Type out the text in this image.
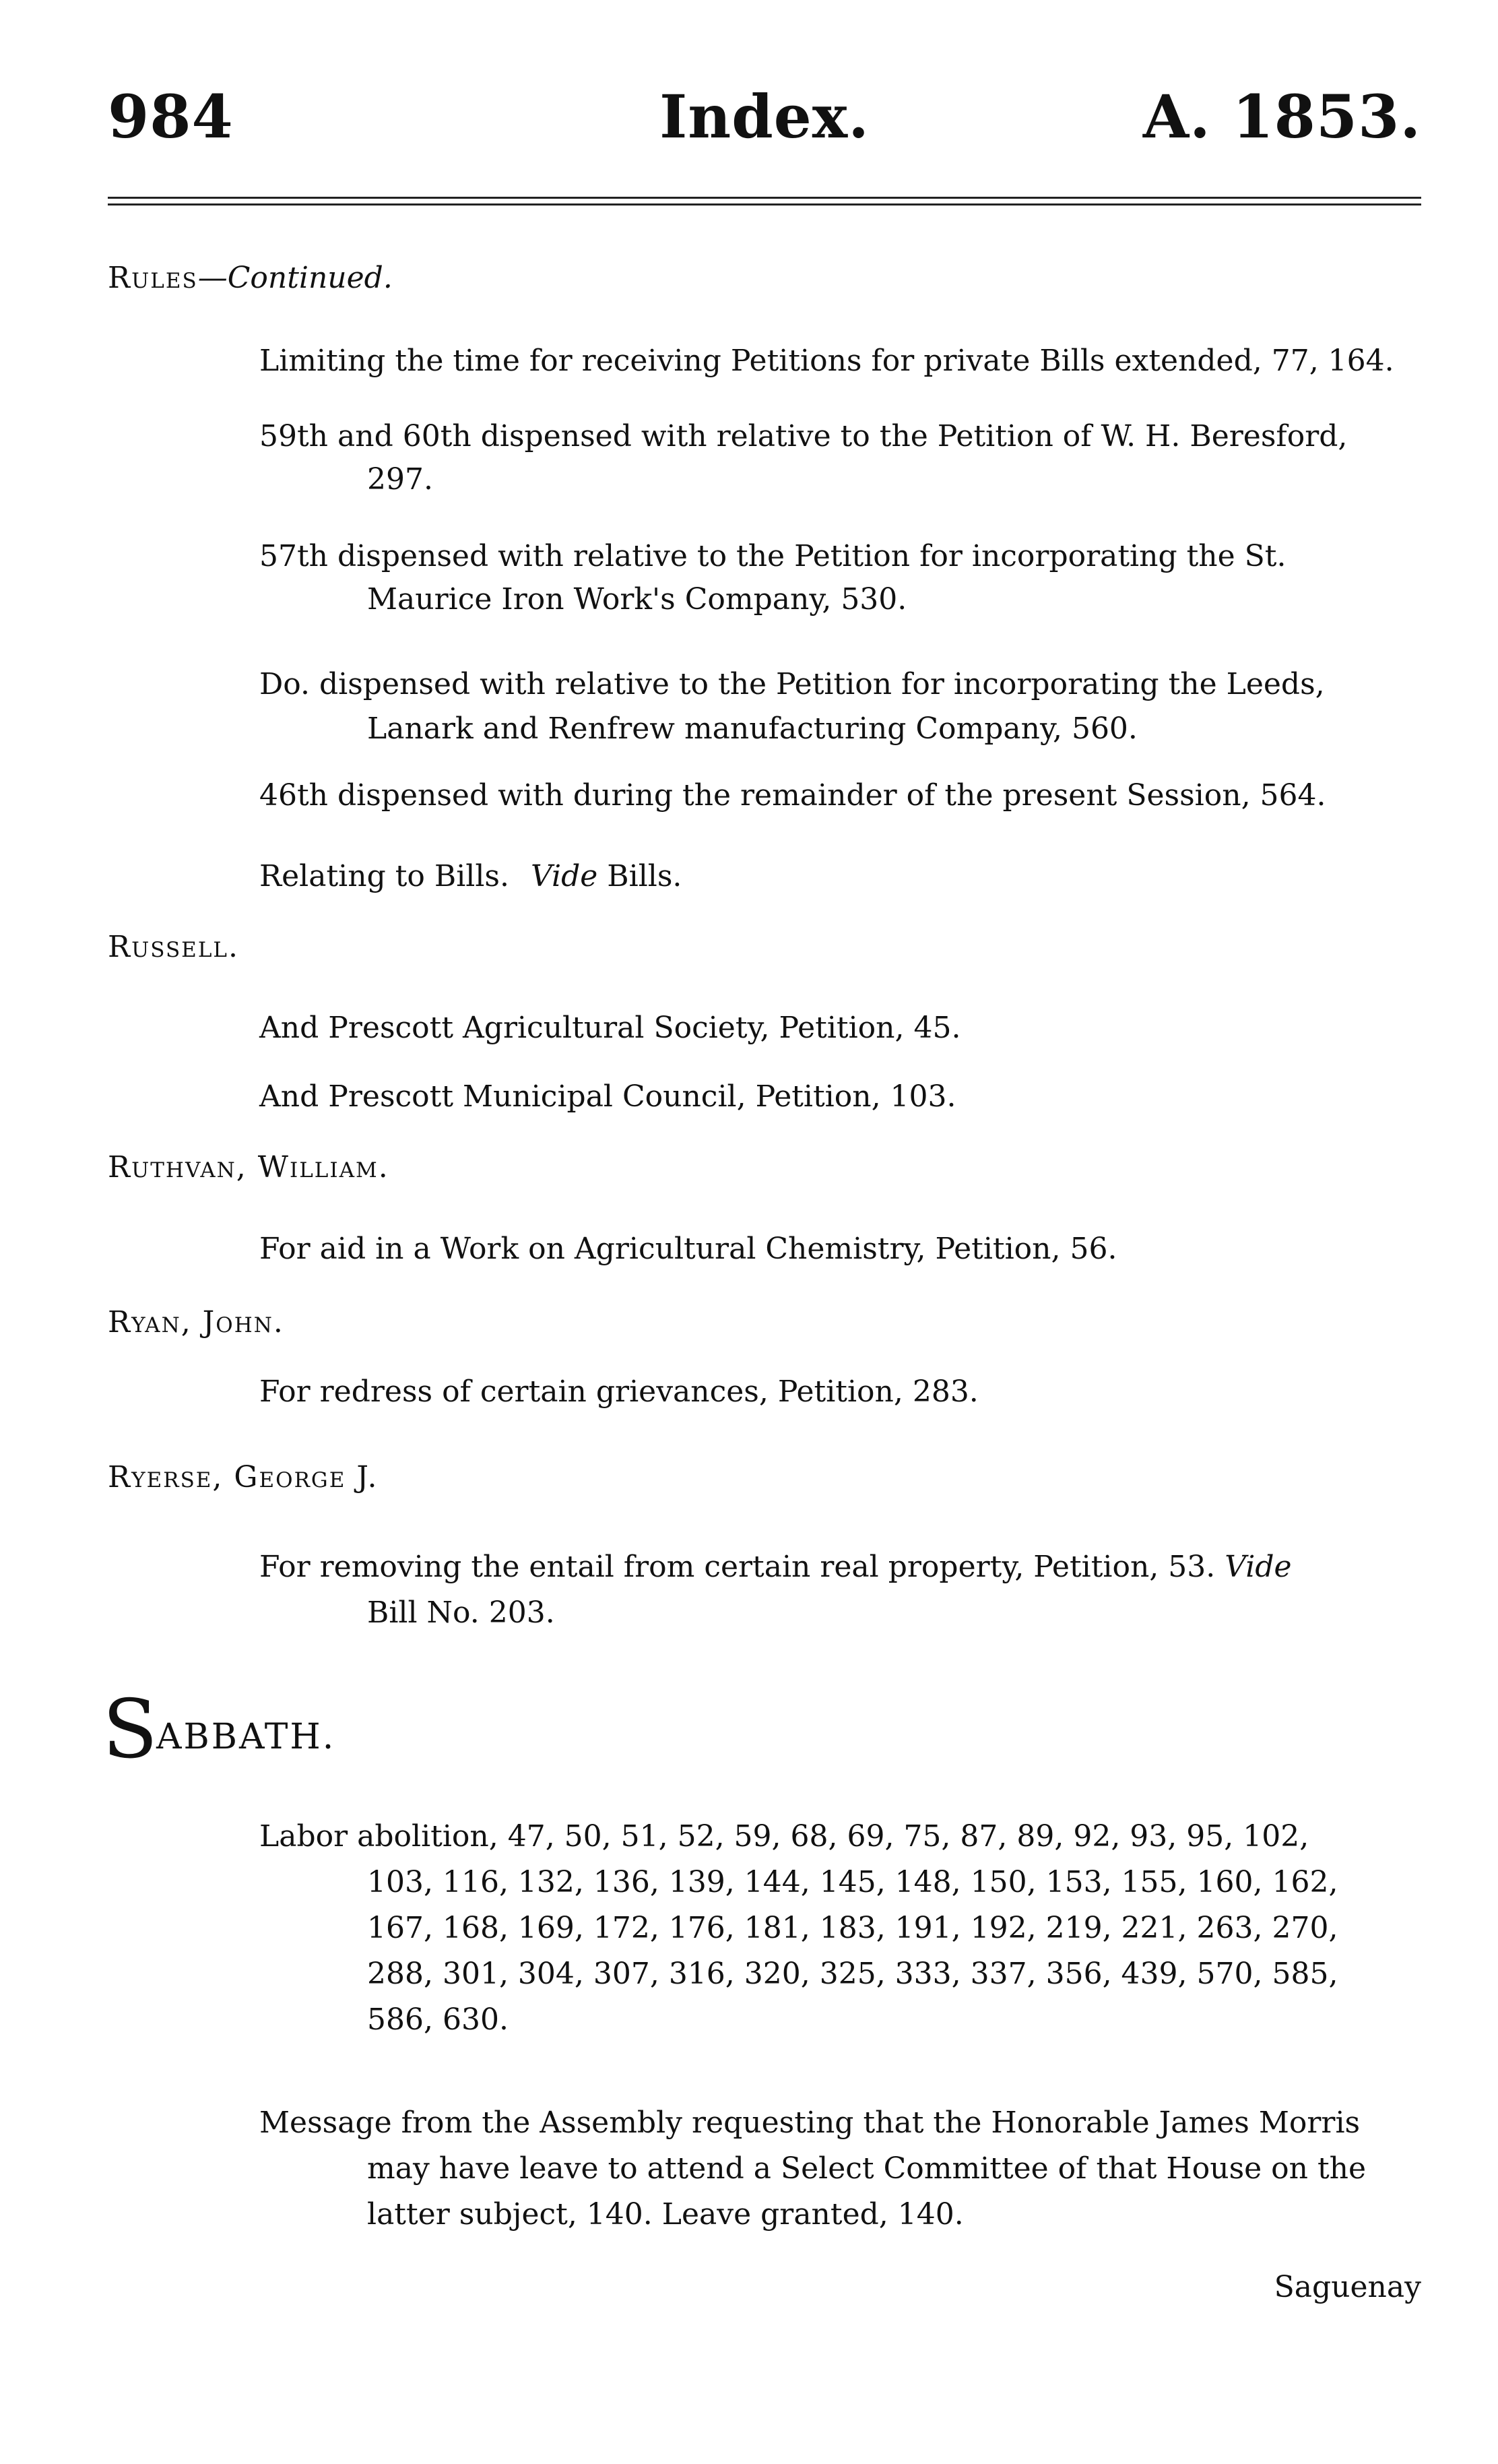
Index.
984	A. 1853.
Rules—Continued.
Limiting the time for receiving Petitions for private Bills extended, 77, 164.
59th and 60th dispensed with relative to the Petition of W. H. Beresford,
297.
57th dispensed with relative to the Petition for incorporating the St.
Maurice Iron Work's Company, 530.
Do. dispensed with relative to the Petition for incorporating the Leeds,
Lanark and Renfrew manufacturing Company, 560.
46th dispensed with during the remainder of the present Session, 564.
Relating to Bills. Vide Bills.
Russell.
And Prescott Agricultural Society, Petition, 45.
And Prescott Municipal Council, Petition, 103.
Ruthvan, William.
For aid in a Work on Agricultural Chemistry, Petition, 56.
Ryan, John.
For redress of certain grievances, Petition, 283.
Ryerse, George J.
For removing the entail from certain real property, Petition, 53. Vide
Bill No. 203.
S
ABBATH.
Labor abolition, 47, 50, 51, 52, 59, 68, 69, 75, 87, 89, 92, 93, 95, 102,
103, 116, 132, 136, 139, 144, 145, 148, 150, 153, 155, 160, 162,
167, 168, 169, 172, 176, 181, 183, 191, 192, 219, 221, 263, 270,
288, 301, 304, 307, 316, 320, 325, 333, 337, 356, 439, 570, 585,
586, 630.
Message from the Assembly requesting that the Honorable James Morris
may have leave to attend a Select Committee of that House on the
latter subject, 140. Leave granted, 140.
Saguenay
